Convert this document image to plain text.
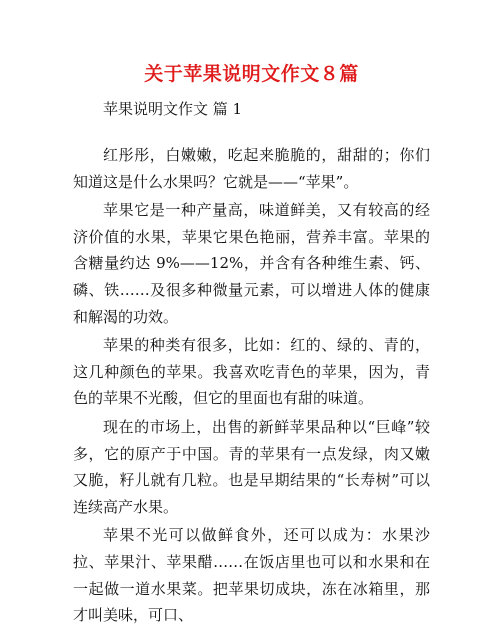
关于苹果说明文作文８篇
苹果说明文作文 篇 1

红彤彤，白嫩嫩，吃起来脆脆的，甜甜的；你们知道这是什么水果吗？它就是——“苹果”。

苹果它是一种产量高，味道鲜美，又有较高的经济价值的水果，苹果它果色艳丽，营养丰富。苹果的含糖量约达 9%——12%，并含有各种维生素、钙、磷、铁……及很多种微量元素，可以增进人体的健康和解渴的功效。

苹果的种类有很多，比如：红的、绿的、青的，这几种颜色的苹果。我喜欢吃青色的苹果，因为，青色的苹果不光酸，但它的里面也有甜的味道。

现在的市场上，出售的新鲜苹果品种以“巨峰”较多，它的原产于中国。青的苹果有一点发绿，肉又嫩又脆，籽儿就有几粒。也是早期结果的“长寿树”可以连续高产水果。

苹果不光可以做鲜食外，还可以成为：水果沙拉、苹果汁、苹果醋……在饭店里也可以和水果和在一起做一道水果菜。把苹果切成块，冻在冰箱里，那才叫美味，可口、
